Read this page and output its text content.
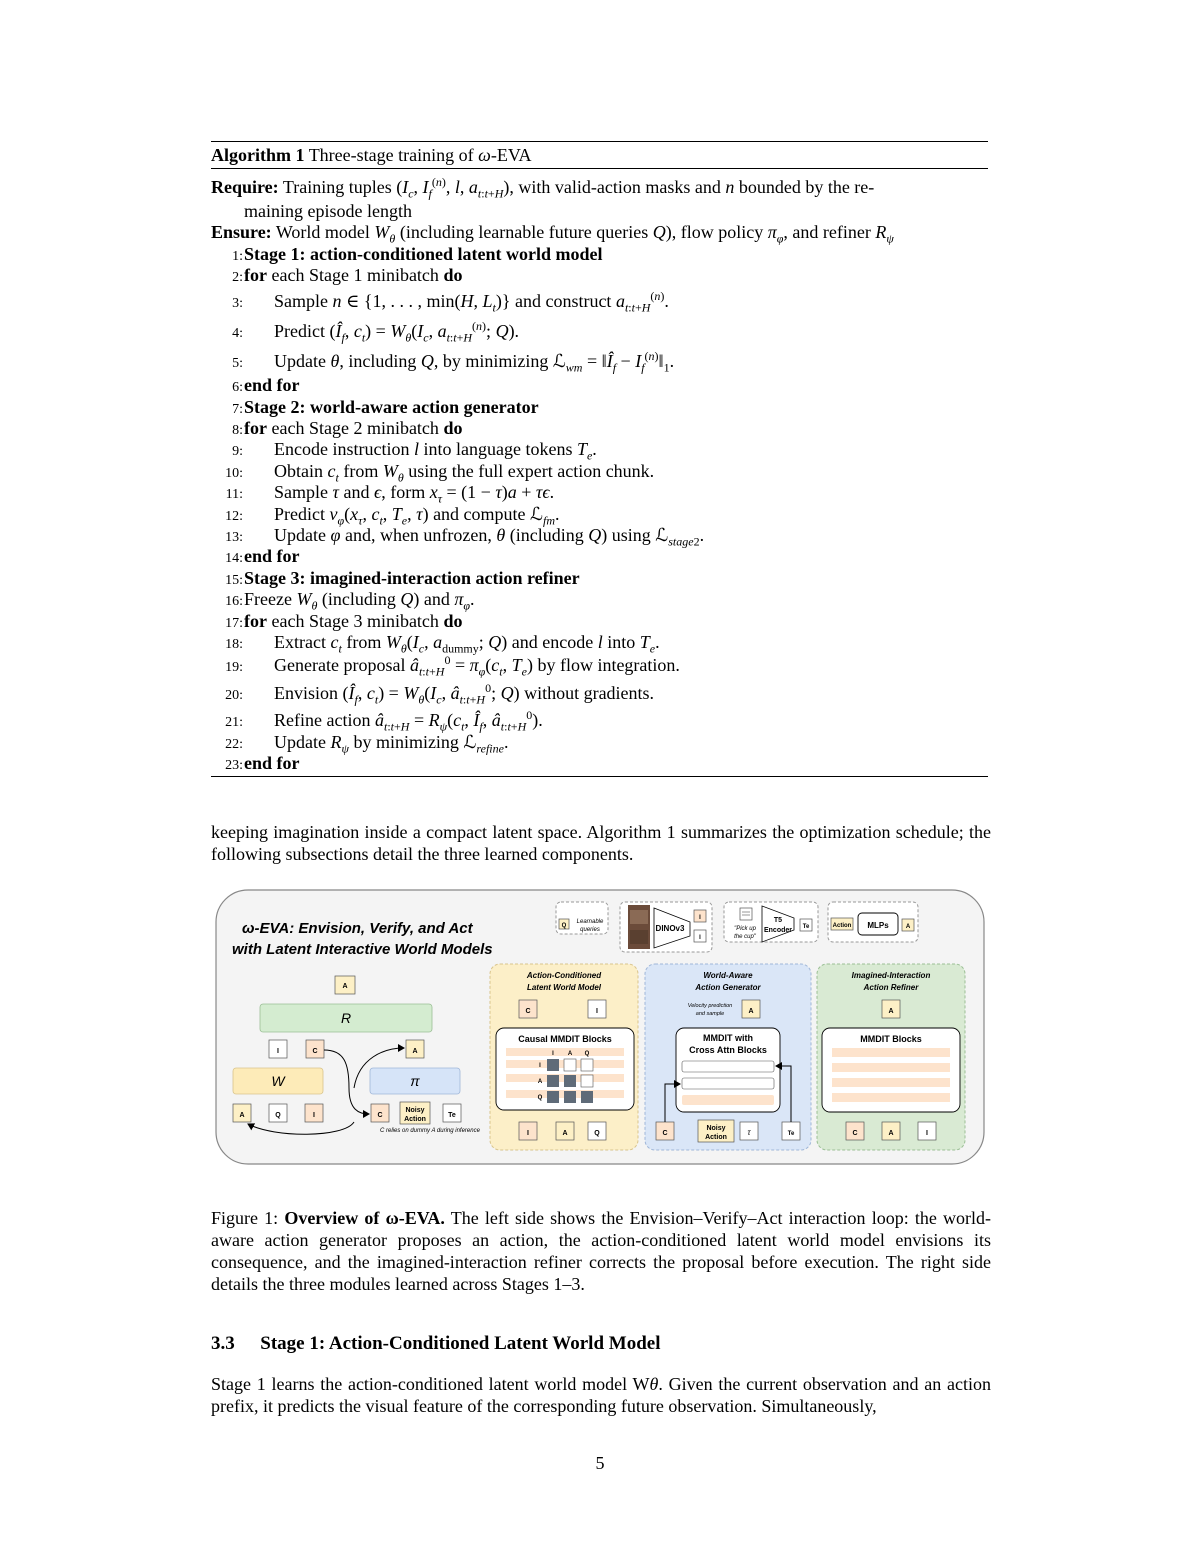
Algorithm 1 Three-stage training of ω-EVA
Require: Training tuples ($I_c$, $I_f^{(n)}$, l, $a_{t:t+H}$), with valid-action masks and n bounded by the re-
maining episode length
Ensure: World model $W_\theta$ (including learnable future queries Q), flow policy $\pi_\varphi$, and refiner $R_\psi$
1: Stage 1: action-conditioned latent world model
2: for each Stage 1 minibatch do
3: Sample n ∈ {1, . . . , min(H, $L_t$)} and construct $a_{t:t+H}^{(n)}$.
4: Predict ($Î_f$, $c_t) = W_\theta(I_c$, $a_{t:t+H}^{(n)}$; Q).
5: Update θ, including Q, by minimizing ℒ$_{wm}$ = $‖Î_f$ − $I_f^{(n)}‖_1$.
6: end for
7: Stage 2: world-aware action generator
8: for each Stage 2 minibatch do
9: Encode instruction l into language tokens $T_e$.
10: Obtain $c_t$ from $W_\theta$ using the full expert action chunk.
11: Sample τ and ϵ, form $x_\tau = (1 - \tau)a + \tau\epsilon$.
12: Predict $v_\varphi(x_\tau$, $c_t$, $T_e$, τ) and compute ℒ$_{fm}$.
13: Update φ and, when unfrozen, θ (including Q) using ℒ$_{stage2}$.
14: end for
15: Stage 3: imagined-interaction action refiner
16: Freeze $W_\theta$ (including Q) and $\pi_\varphi$.
17: for each Stage 3 minibatch do
18: Extract $c_t$ from $W_\theta(I_c$, $a_{dummy}$; Q) and encode l into $T_e$.
19: Generate proposal $â_{t:t+H}^0 = \pi_\varphi(c_t$, $T_e$) by flow integration.
20: Envision ($Î_f$, $c_t) = W_\theta(I_c$, $â_{t:t+H}^0$; Q) without gradients.
21: Refine action $â_{t:t+H} = R_\psi(c_t$, $Î_f$, $â_{t:t+H}^0$).
22: Update $R_\psi$ by minimizing ℒ$_{refine}$.
23: end for
keeping imagination inside a compact latent space. Algorithm 1 summarizes the optimization schedule; the following subsections detail the three learned components.
ω-EVA: Envision, Verify, and Act
with Latent Interactive World Models
Q
Learnable
queries	DINOv3
I
I
"Pick up
the cup"
T5
Encoder Te	Action MLPs	A
A
R
I	C	A
W	π
A	Q	I	C
Noisy
Action
Te
C relies on dummy A during inference
Action-Conditioned
Latent World Model
C	I
Causal MMDIT Blocks
I A Q
I
A
Q
I	A	Q
World-Aware
Action Generator
Velocity prediction
and sample	A
MMDIT with
Cross Attn Blocks
C
Noisy
Action
τ	Te
Imagined-Interaction
Action Refiner
A
MMDIT Blocks
C	A	I
Figure 1: Overview of ω-EVA. The left side shows the Envision–Verify–Act interaction loop: the world-aware action generator proposes an action, the action-conditioned latent world model envisions its consequence, and the imagined-interaction refiner corrects the proposal before execution. The right side details the three modules learned across Stages 1–3.
3.3 Stage 1: Action-Conditioned Latent World Model
Stage 1 learns the action-conditioned latent world model Wθ. Given the current observation and an action prefix, it predicts the visual feature of the corresponding future observation. Simultaneously,
5
